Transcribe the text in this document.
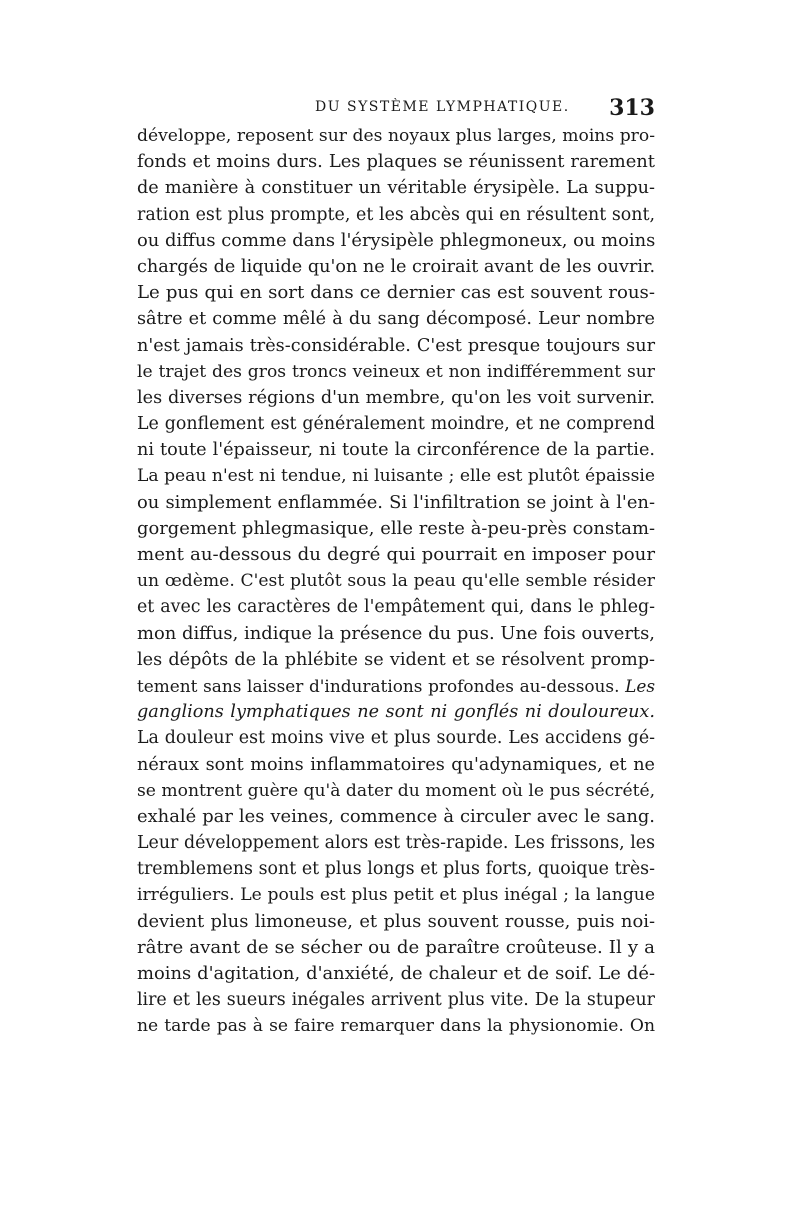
DU SYSTÈME LYMPHATIQUE. 313
développe, reposent sur des noyaux plus larges, moins pro-
fonds et moins durs. Les plaques se réunissent rarement
de manière à constituer un véritable érysipèle. La suppu-
ration est plus prompte, et les abcès qui en résultent sont,
ou diffus comme dans l'érysipèle phlegmoneux, ou moins
chargés de liquide qu'on ne le croirait avant de les ouvrir.
Le pus qui en sort dans ce dernier cas est souvent rous-
sâtre et comme mêlé à du sang décomposé. Leur nombre
n'est jamais très-considérable. C'est presque toujours sur
le trajet des gros troncs veineux et non indifféremment sur
les diverses régions d'un membre, qu'on les voit survenir.
Le gonflement est généralement moindre, et ne comprend
ni toute l'épaisseur, ni toute la circonférence de la partie.
La peau n'est ni tendue, ni luisante ; elle est plutôt épaissie
ou simplement enflammée. Si l'infiltration se joint à l'en-
gorgement phlegmasique, elle reste à-peu-près constam-
ment au-dessous du degré qui pourrait en imposer pour
un œdème. C'est plutôt sous la peau qu'elle semble résider
et avec les caractères de l'empâtement qui, dans le phleg-
mon diffus, indique la présence du pus. Une fois ouverts,
les dépôts de la phlébite se vident et se résolvent promp-
tement sans laisser d'indurations profondes au-dessous. Les
ganglions lymphatiques ne sont ni gonflés ni douloureux.
La douleur est moins vive et plus sourde. Les accidens gé-
néraux sont moins inflammatoires qu'adynamiques, et ne
se montrent guère qu'à dater du moment où le pus sécrété,
exhalé par les veines, commence à circuler avec le sang.
Leur développement alors est très-rapide. Les frissons, les
tremblemens sont et plus longs et plus forts, quoique très-
irréguliers. Le pouls est plus petit et plus inégal ; la langue
devient plus limoneuse, et plus souvent rousse, puis noi-
râtre avant de se sécher ou de paraître croûteuse. Il y a
moins d'agitation, d'anxiété, de chaleur et de soif. Le dé-
lire et les sueurs inégales arrivent plus vite. De la stupeur
ne tarde pas à se faire remarquer dans la physionomie. On
